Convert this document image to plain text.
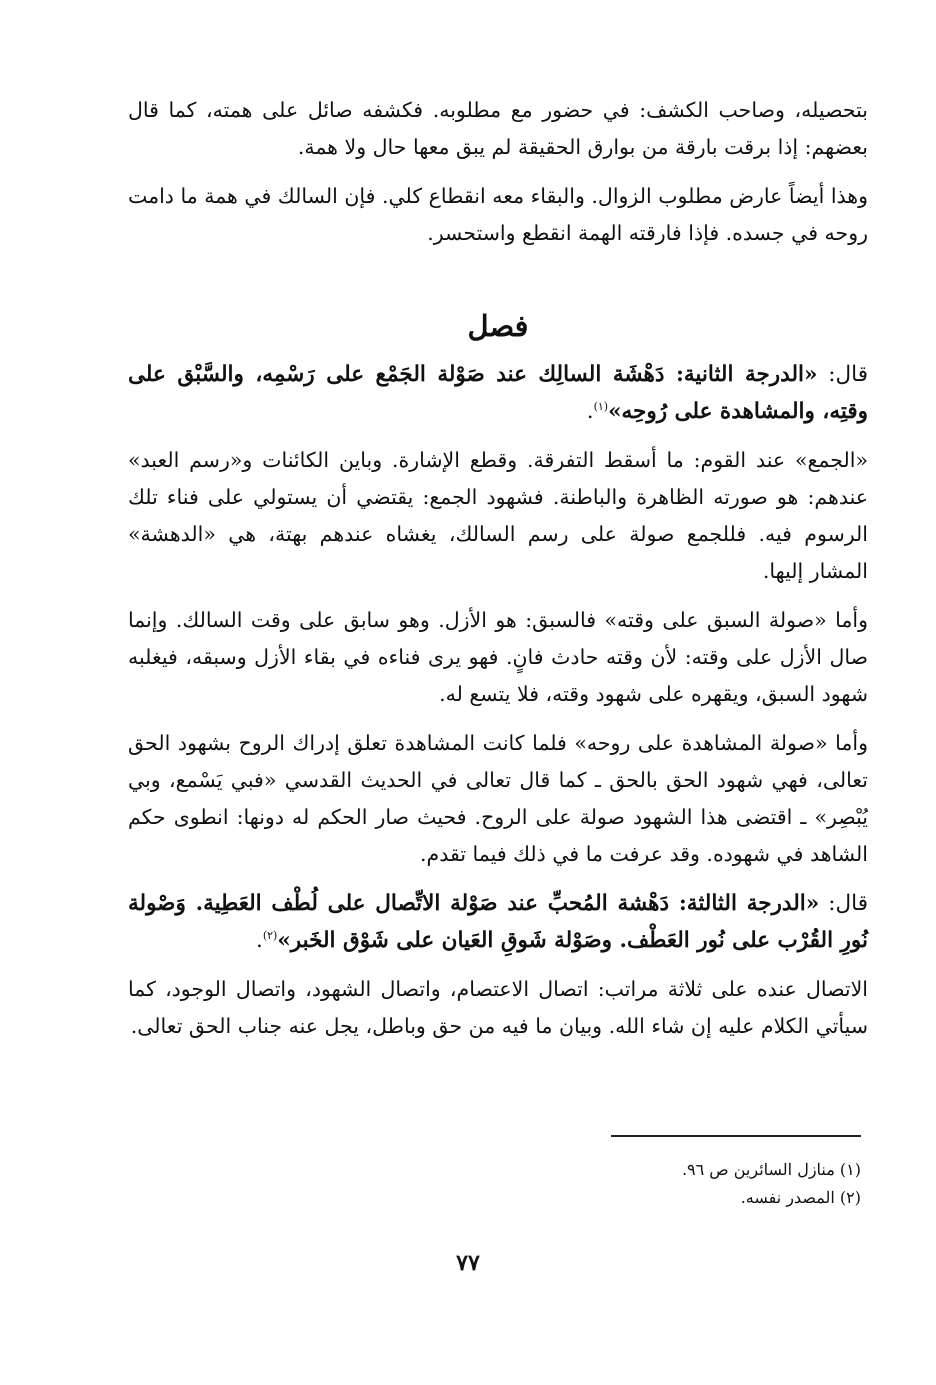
بتحصيله، وصاحب الكشف: في حضور مع مطلوبه. فكشفه صائل على همته، كما قال بعضهم: إذا برقت بارقة من بوارق الحقيقة لم يبق معها حال ولا همة.

وهذا أيضاً عارض مطلوب الزوال. والبقاء معه انقطاع كلي. فإن السالك في همة ما دامت روحه في جسده. فإذا فارقته الهمة انقطع واستحسر.

فصل

قال: «الدرجة الثانية: دَهْشَة السالِك عند صَوْلة الجَمْع على رَسْمِه، والسَّبْق على وقتِه، والمشاهدة على رُوحِه»$^{(١)}$.

«الجمع» عند القوم: ما أسقط التفرقة. وقطع الإشارة. وباين الكائنات و«رسم العبد» عندهم: هو صورته الظاهرة والباطنة. فشهود الجمع: يقتضي أن يستولي على فناء تلك الرسوم فيه. فللجمع صولة على رسم السالك، يغشاه عندهم بهتة، هي «الدهشة» المشار إليها.

وأما «صولة السبق على وقته» فالسبق: هو الأزل. وهو سابق على وقت السالك. وإنما صال الأزل على وقته: لأن وقته حادث فانٍ. فهو يرى فناءه في بقاء الأزل وسبقه، فيغلبه شهود السبق، ويقهره على شهود وقته، فلا يتسع له.

وأما «صولة المشاهدة على روحه» فلما كانت المشاهدة تعلق إدراك الروح بشهود الحق تعالى، فهي شهود الحق بالحق ـ كما قال تعالى في الحديث القدسي «فبي يَسْمع، وبي يُبْصِر» ـ اقتضى هذا الشهود صولة على الروح. فحيث صار الحكم له دونها: انطوى حكم الشاهد في شهوده. وقد عرفت ما في ذلك فيما تقدم.

قال: «الدرجة الثالثة: دَهْشة المُحبِّ عند صَوْلة الاتِّصال على لُطْف العَطِية. وَصْولة نُورِ القُرْب على نُور العَطْف. وصَوْلة شَوقِ العَيان على شَوْق الخَبر»$^{(٢)}$.

الاتصال عنده على ثلاثة مراتب: اتصال الاعتصام، واتصال الشهود، واتصال الوجود، كما سيأتي الكلام عليه إن شاء الله. وبيان ما فيه من حق وباطل، يجل عنه جناب الحق تعالى.

(١) منازل السائرين ص ٩٦.

(٢) المصدر نفسه.

٧٧
